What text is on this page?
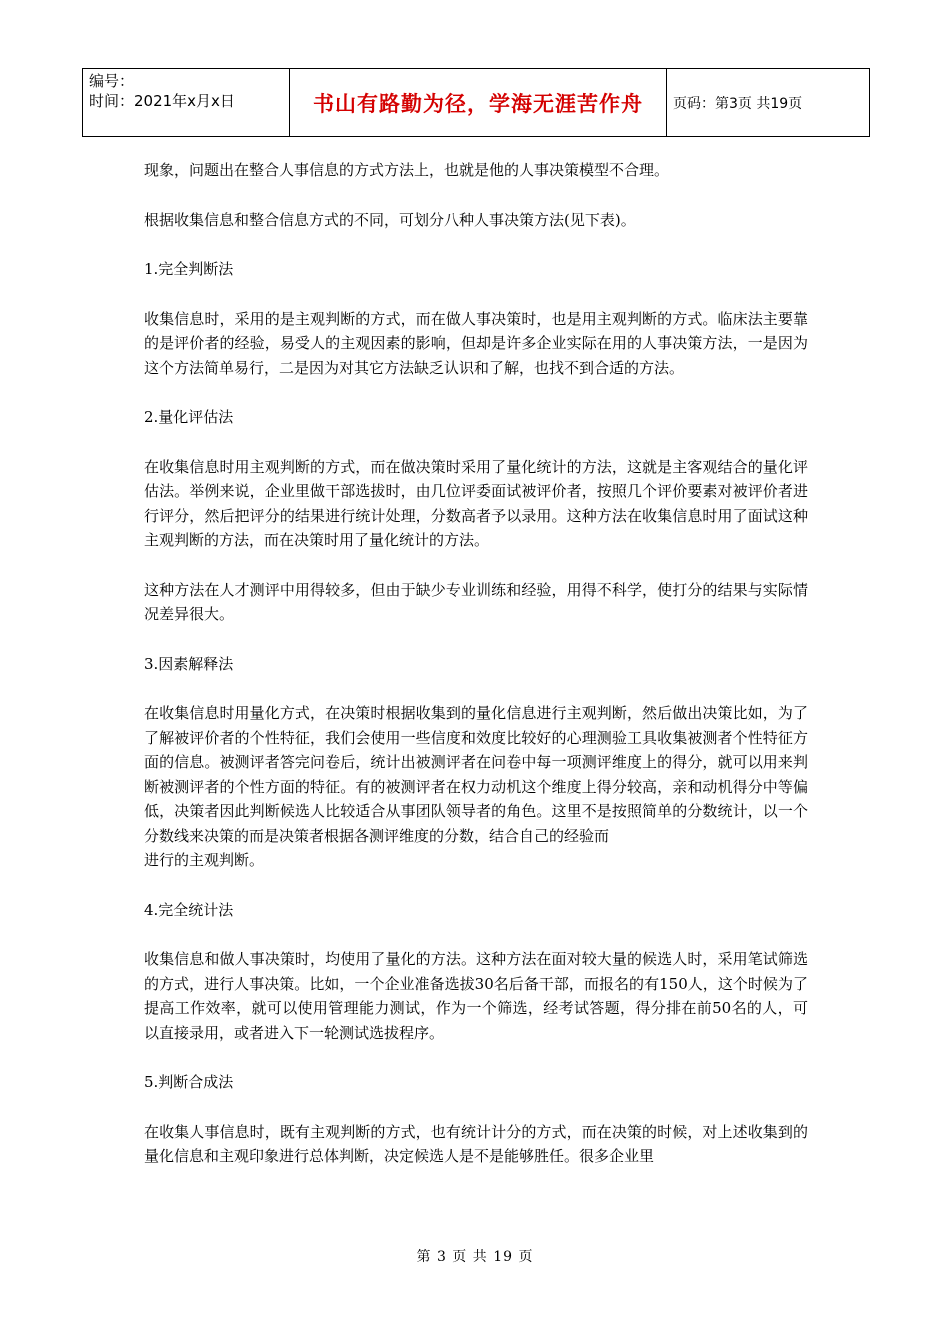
编号：
时间：2021年x月x日	书山有路勤为径，学海无涯苦作舟	页码：第3页 共19页

现象，问题出在整合人事信息的方式方法上，也就是他的人事决策模型不合理。

根据收集信息和整合信息方式的不同，可划分八种人事决策方法(见下表)。

1.完全判断法

收集信息时，采用的是主观判断的方式，而在做人事决策时，也是用主观判断的方式。临床法主要靠的是评价者的经验，易受人的主观因素的影响，但却是许多企业实际在用的人事决策方法，一是因为这个方法简单易行，二是因为对其它方法缺乏认识和了解，也找不到合适的方法。

2.量化评估法

在收集信息时用主观判断的方式，而在做决策时采用了量化统计的方法，这就是主客观结合的量化评估法。举例来说，企业里做干部选拔时，由几位评委面试被评价者，按照几个评价要素对被评价者进行评分，然后把评分的结果进行统计处理，分数高者予以录用。这种方法在收集信息时用了面试这种主观判断的方法，而在决策时用了量化统计的方法。

这种方法在人才测评中用得较多，但由于缺少专业训练和经验，用得不科学，使打分的结果与实际情况差异很大。

3.因素解释法

在收集信息时用量化方式，在决策时根据收集到的量化信息进行主观判断，然后做出决策比如，为了了解被评价者的个性特征，我们会使用一些信度和效度比较好的心理测验工具收集被测者个性特征方面的信息。被测评者答完问卷后，统计出被测评者在问卷中每一项测评维度上的得分，就可以用来判断被测评者的个性方面的特征。有的被测评者在权力动机这个维度上得分较高，亲和动机得分中等偏低，决策者因此判断候选人比较适合从事团队领导者的角色。这里不是按照简单的分数统计，以一个分数线来决策的而是决策者根据各测评维度的分数，结合自己的经验而

进行的主观判断。

4.完全统计法

收集信息和做人事决策时，均使用了量化的方法。这种方法在面对较大量的候选人时，采用笔试筛选的方式，进行人事决策。比如，一个企业准备选拔30名后备干部，而报名的有150人，这个时候为了提高工作效率，就可以使用管理能力测试，作为一个筛选，经考试答题，得分排在前50名的人，可以直接录用，或者进入下一轮测试选拔程序。

5.判断合成法

在收集人事信息时，既有主观判断的方式，也有统计计分的方式，而在决策的时候，对上述收集到的量化信息和主观印象进行总体判断，决定候选人是不是能够胜任。很多企业里

第 3 页 共 19 页
